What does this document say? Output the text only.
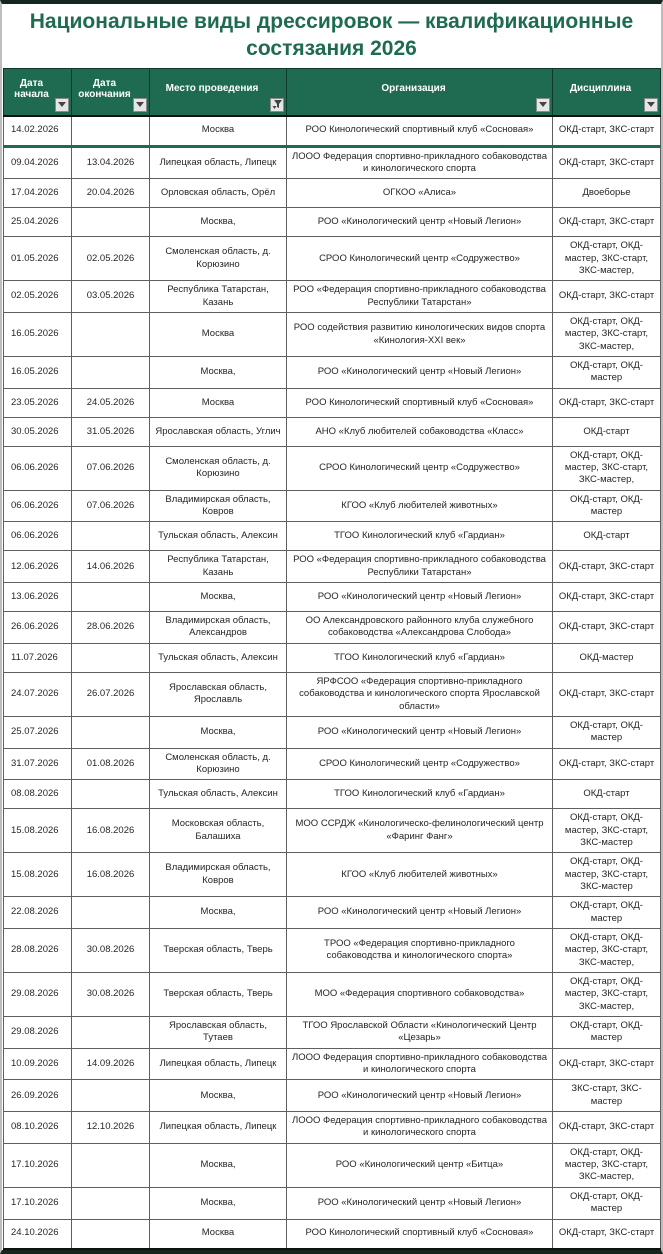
Национальные виды дрессировок — квалификационные состязания 2026
Дата начала	Дата окончания	Место проведения	Организация	Дисциплина

14.02.2026		Москва	РОО Кинологический спортивный клуб «Сосновая»	ОКД-старт, ЗКС-старт
09.04.2026	13.04.2026	Липецкая область, Липецк	ЛООО Федерация спортивно-прикладного собаководства и кинологического спорта	ОКД-старт, ЗКС-старт
17.04.2026	20.04.2026	Орловская область, Орёл	ОГКОО «Алиса»	Двоеборье
25.04.2026		Москва,	РОО «Кинологический центр «Новый Легион»	ОКД-старт, ЗКС-старт
01.05.2026	02.05.2026	Смоленская область, д. Корюзино	СРОО Кинологический центр «Содружество»	ОКД-старт, ОКД-мастер, ЗКС-старт, ЗКС-мастер,
02.05.2026	03.05.2026	Республика Татарстан, Казань	РОО «Федерация спортивно-прикладного собаководства Республики Татарстан»	ОКД-старт, ЗКС-старт
16.05.2026		Москва	РОО содействия развитию кинологических видов спорта «Кинология-XXI век»	ОКД-старт, ОКД-мастер, ЗКС-старт, ЗКС-мастер,
16.05.2026		Москва,	РОО «Кинологический центр «Новый Легион»	ОКД-старт, ОКД-мастер
23.05.2026	24.05.2026	Москва	РОО Кинологический спортивный клуб «Сосновая»	ОКД-старт, ЗКС-старт
30.05.2026	31.05.2026	Ярославская область, Углич	АНО «Клуб любителей собаководства «Класс»	ОКД-старт
06.06.2026	07.06.2026	Смоленская область, д. Корюзино	СРОО Кинологический центр «Содружество»	ОКД-старт, ОКД-мастер, ЗКС-старт, ЗКС-мастер,
06.06.2026	07.06.2026	Владимирская область, Ковров	КГОО «Клуб любителей животных»	ОКД-старт, ОКД-мастер
06.06.2026		Тульская область, Алексин	ТГОО Кинологический клуб «Гардиан»	ОКД-старт
12.06.2026	14.06.2026	Республика Татарстан, Казань	РОО «Федерация спортивно-прикладного собаководства Республики Татарстан»	ОКД-старт, ЗКС-старт
13.06.2026		Москва,	РОО «Кинологический центр «Новый Легион»	ОКД-старт, ЗКС-старт
26.06.2026	28.06.2026	Владимирская область, Александров	ОО Александровского районного клуба служебного собаководства «Александрова Слобода»	ОКД-старт, ЗКС-старт
11.07.2026		Тульская область, Алексин	ТГОО Кинологический клуб «Гардиан»	ОКД-мастер
24.07.2026	26.07.2026	Ярославская область, Ярославль	ЯРФСОО «Федерация спортивно-прикладного собаководства и кинологического спорта Ярославской области»	ОКД-старт, ЗКС-старт
25.07.2026		Москва,	РОО «Кинологический центр «Новый Легион»	ОКД-старт, ОКД-мастер
31.07.2026	01.08.2026	Смоленская область, д. Корюзино	СРОО Кинологический центр «Содружество»	ОКД-старт, ЗКС-старт
08.08.2026		Тульская область, Алексин	ТГОО Кинологический клуб «Гардиан»	ОКД-старт
15.08.2026	16.08.2026	Московская область, Балашиха	МОО ССРДЖ «Кинологическо-фелинологический центр «Фаринг Фанг»	ОКД-старт, ОКД-мастер, ЗКС-старт, ЗКС-мастер
15.08.2026	16.08.2026	Владимирская область, Ковров	КГОО «Клуб любителей животных»	ОКД-старт, ОКД-мастер, ЗКС-старт, ЗКС-мастер
22.08.2026		Москва,	РОО «Кинологический центр «Новый Легион»	ОКД-старт, ОКД-мастер
28.08.2026	30.08.2026	Тверская область, Тверь	ТРОО «Федерация спортивно-прикладного собаководства и кинологического спорта»	ОКД-старт, ОКД-мастер, ЗКС-старт, ЗКС-мастер,
29.08.2026	30.08.2026	Тверская область, Тверь	МОО «Федерация спортивного собаководства»	ОКД-старт, ОКД-мастер, ЗКС-старт, ЗКС-мастер,
29.08.2026		Ярославская область, Тутаев	ТГОО Ярославской Области «Кинологический Центр «Цезарь»	ОКД-старт, ОКД-мастер
10.09.2026	14.09.2026	Липецкая область, Липецк	ЛООО Федерация спортивно-прикладного собаководства и кинологического спорта	ОКД-старт, ЗКС-старт
26.09.2026		Москва,	РОО «Кинологический центр «Новый Легион»	ЗКС-старт, ЗКС-мастер
08.10.2026	12.10.2026	Липецкая область, Липецк	ЛООО Федерация спортивно-прикладного собаководства и кинологического спорта	ОКД-старт, ЗКС-старт
17.10.2026		Москва,	РОО «Кинологический центр «Битца»	ОКД-старт, ОКД-мастер, ЗКС-старт, ЗКС-мастер,
17.10.2026		Москва,	РОО «Кинологический центр «Новый Легион»	ОКД-старт, ОКД-мастер
24.10.2026		Москва	РОО Кинологический спортивный клуб «Сосновая»	ОКД-старт, ЗКС-старт
